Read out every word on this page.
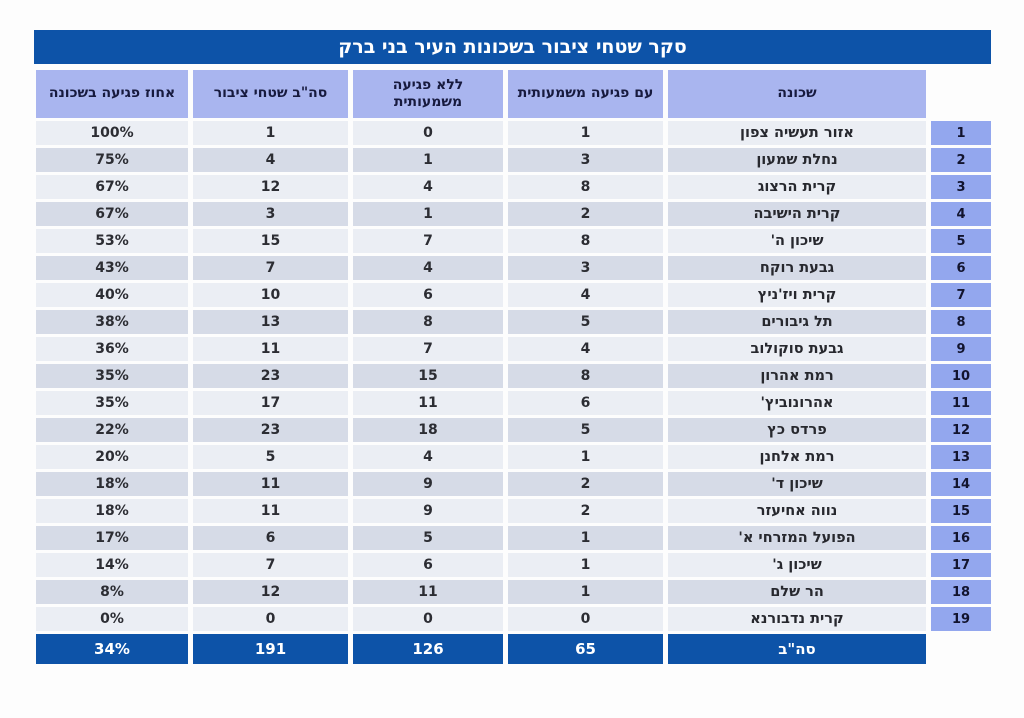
סקר שטחי ציבור בשכונות העיר בני ברק
שכונה
עם פגיעה משמעותית
ללא פגיעה משמעותית
סה"ב שטחי ציבור
אחוז פגיעה בשכונה
1
אזור תעשיה צפון
1
0
1
100%
2
נחלת שמעון
3
1
4
75%
3
קרית הרצוג
8
4
12
67%
4
קרית הישיבה
2
1
3
67%
5
שיכון ה'
8
7
15
53%
6
גבעת רוקח
3
4
7
43%
7
קרית ויז'ניץ
4
6
10
40%
8
תל גיבורים
5
8
13
38%
9
גבעת סוקולוב
4
7
11
36%
10
רמת אהרון
8
15
23
35%
11
אהרונוביץ'
6
11
17
35%
12
פרדס כץ
5
18
23
22%
13
רמת אלחנן
1
4
5
20%
14
שיכון ד'
2
9
11
18%
15
נווה אחיעזר
2
9
11
18%
16
הפועל המזרחי א'
1
5
6
17%
17
שיכון ג'
1
6
7
14%
18
הר שלם
1
11
12
8%
19
קרית נדבורנא
0
0
0
0%
סה"ב
65
126
191
34%
